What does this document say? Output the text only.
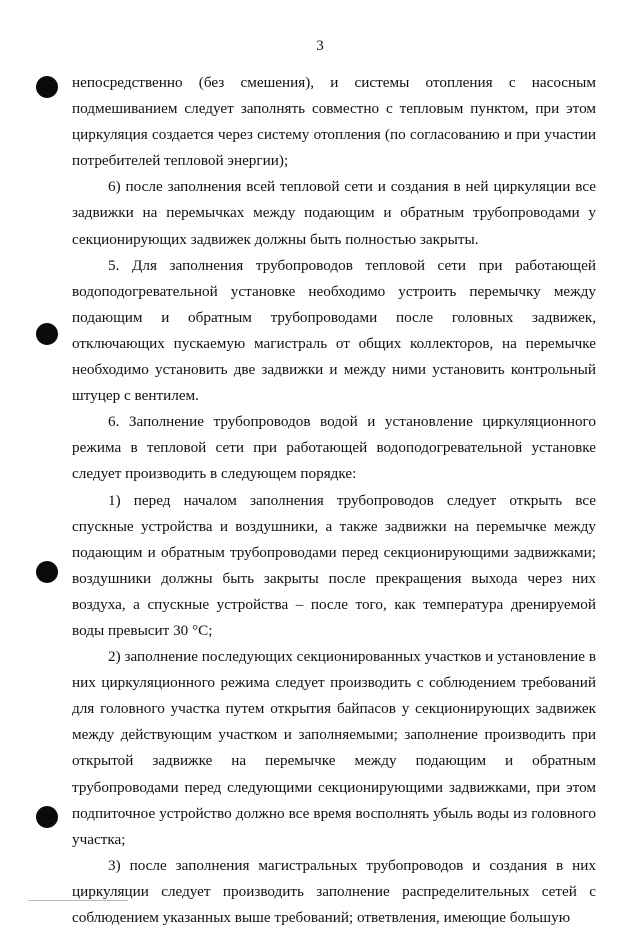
3

непосредственно (без смешения), и системы отопления с насосным подмешиванием следует заполнять совместно с тепловым пунктом, при этом циркуляция создается через систему отопления (по согласованию и при участии потребителей тепловой энергии);

6) после заполнения всей тепловой сети и создания в ней циркуляции все задвижки на перемычках между подающим и обратным трубопроводами у секционирующих задвижек должны быть полностью закрыты.

5. Для заполнения трубопроводов тепловой сети при работающей водоподогревательной установке необходимо устроить перемычку между подающим и обратным трубопроводами после головных задвижек, отключающих пускаемую магистраль от общих коллекторов, на перемычке необходимо установить две задвижки и между ними установить контрольный штуцер с вентилем.

6. Заполнение трубопроводов водой и установление циркуляционного режима в тепловой сети при работающей водоподогревательной установке следует производить в следующем порядке:

1) перед началом заполнения трубопроводов следует открыть все спускные устройства и воздушники, а также задвижки на перемычке между подающим и обратным трубопроводами перед секционирующими задвижками; воздушники должны быть закрыты после прекращения выхода через них воздуха, а спускные устройства – после того, как температура дренируемой воды превысит 30 °С;

2) заполнение последующих секционированных участков и установление в них циркуляционного режима следует производить с соблюдением требований для головного участка путем открытия байпасов у секционирующих задвижек между действующим участком и заполняемыми; заполнение производить при открытой задвижке на перемычке между подающим и обратным трубопроводами перед следующими секционирующими задвижками, при этом подпиточное устройство должно все время восполнять убыль воды из головного участка;

3) после заполнения магистральных трубопроводов и создания в них циркуляции следует производить заполнение распределительных сетей с соблюдением указанных выше требований; ответвления, имеющие большую
